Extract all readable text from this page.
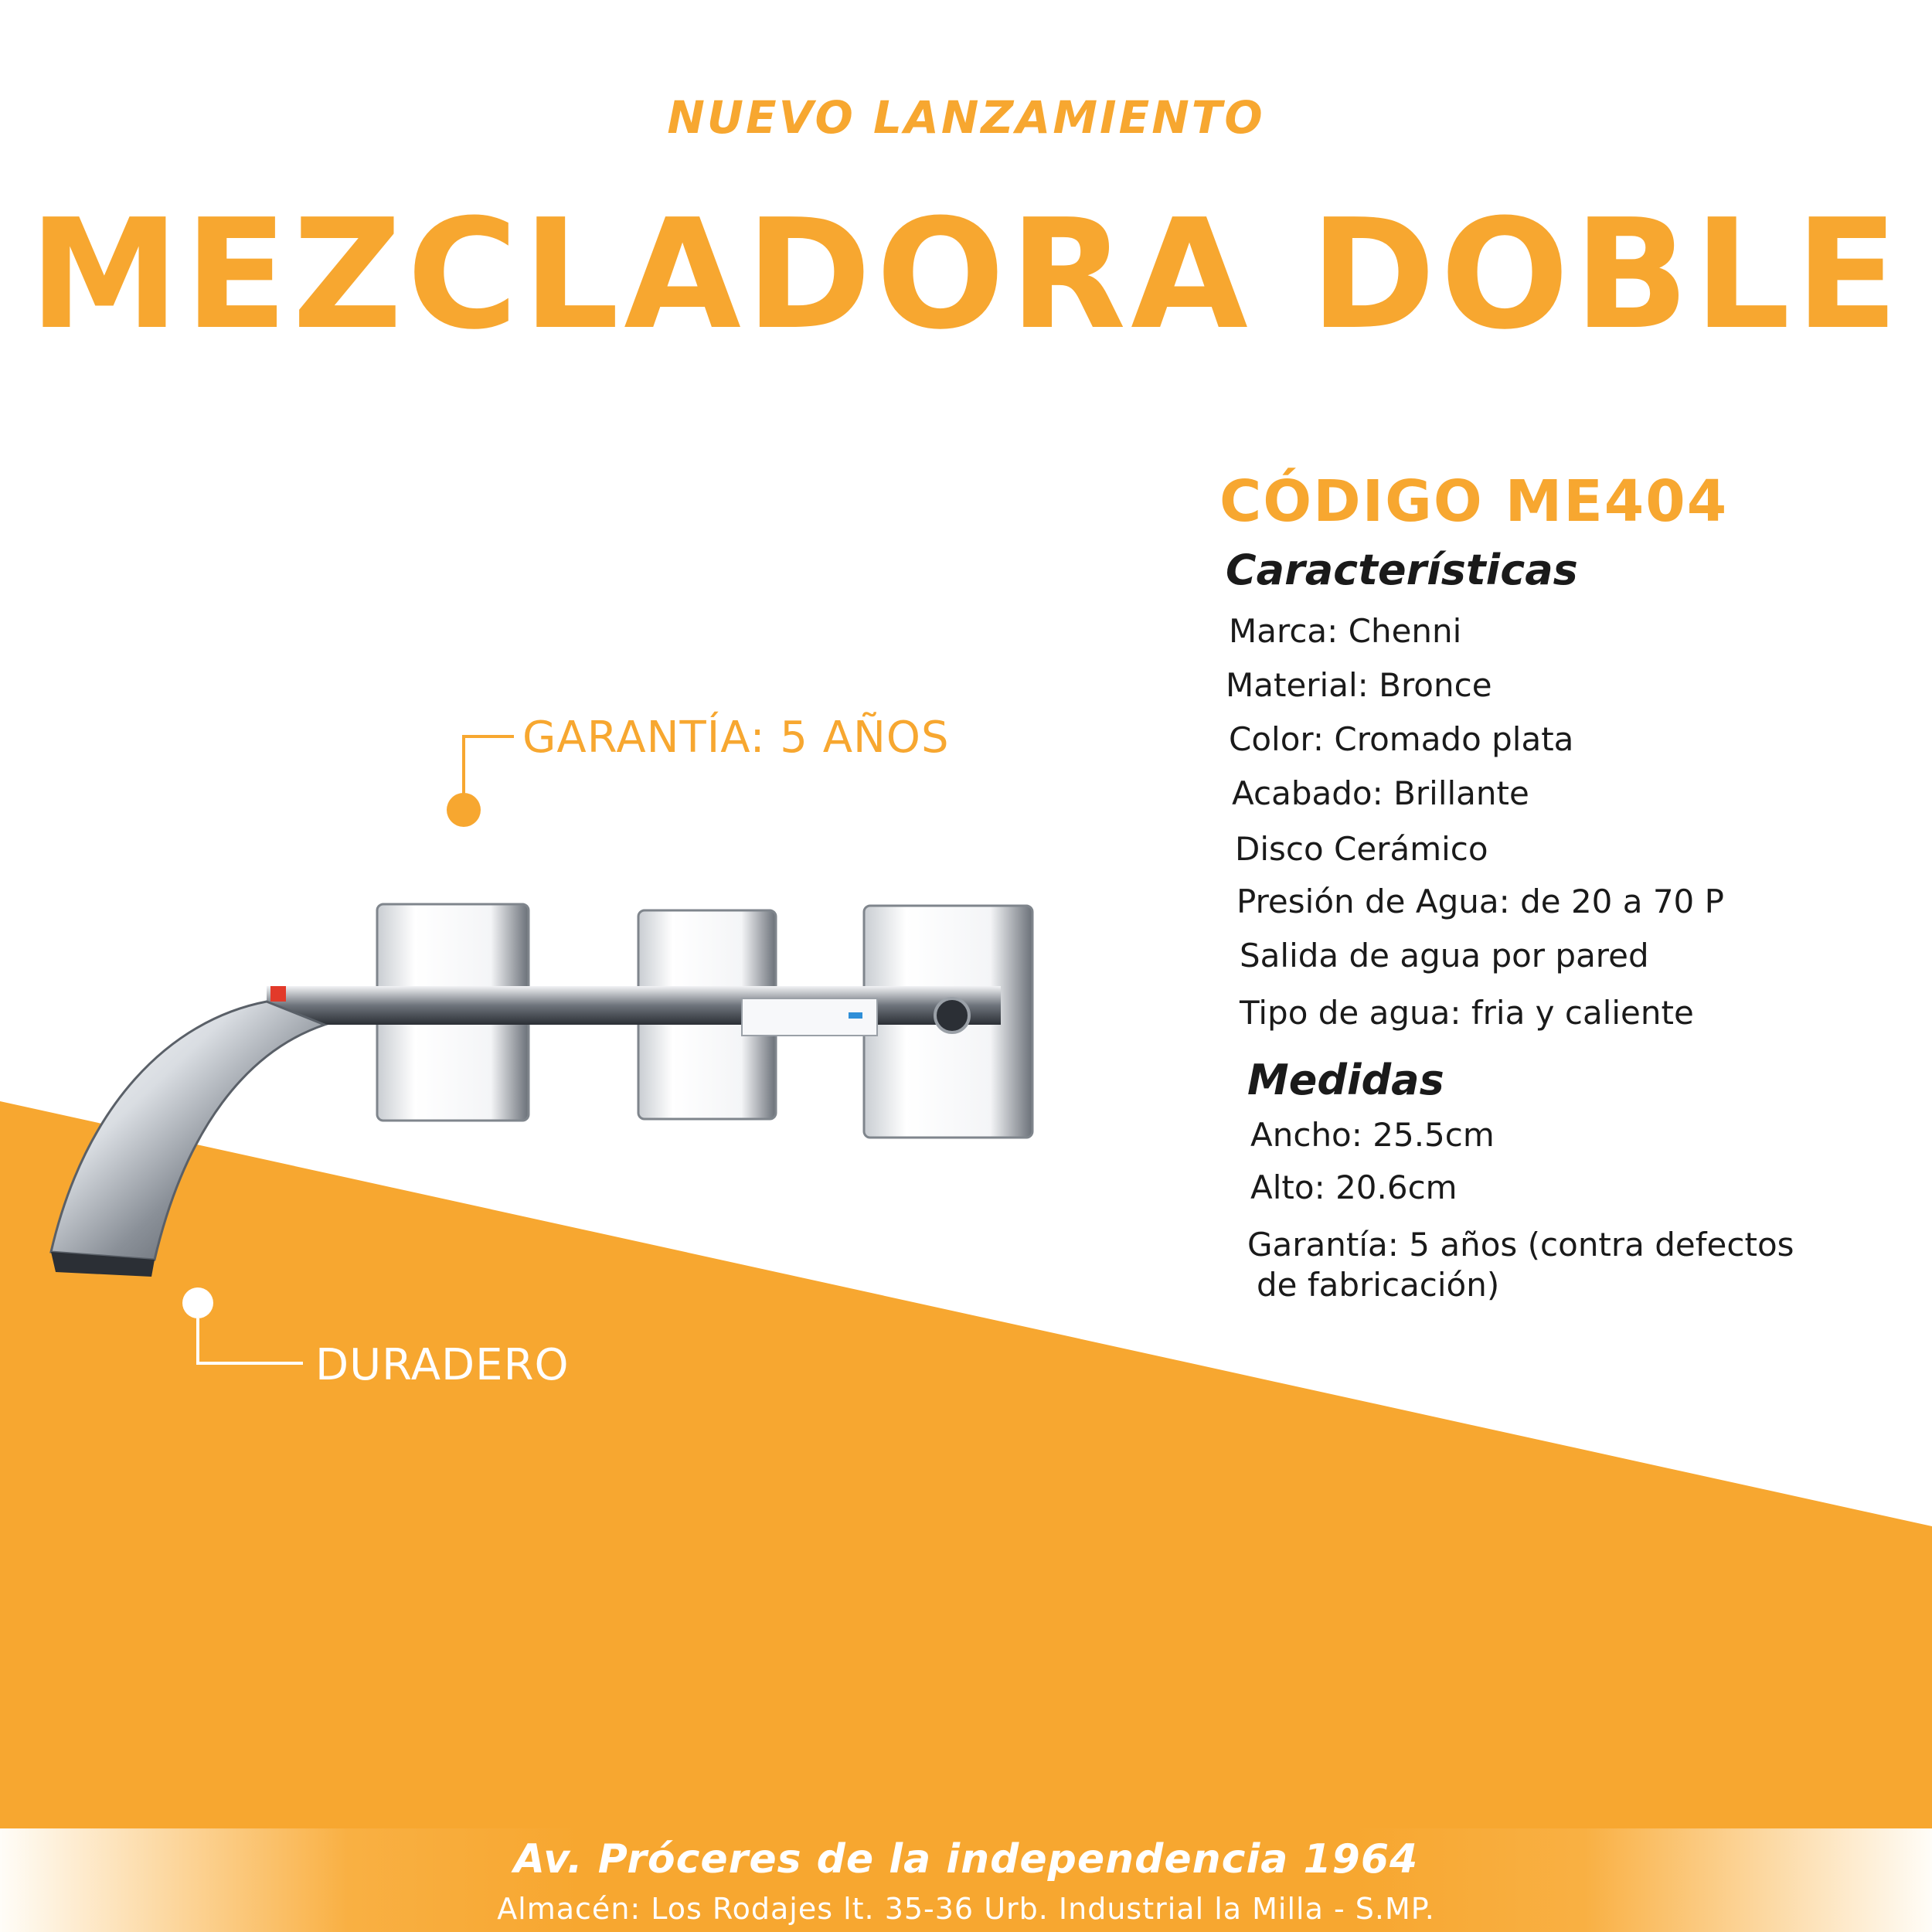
NUEVO LANZAMIENTO
MEZCLADORA DOBLE
GARANTÍA: 5 AÑOS
DURADERO
CÓDIGO ME404
Características
Marca: Chenni
Material: Bronce
Color: Cromado plata
Acabado: Brillante
Disco Cerámico
Presión de Agua: de 20 a 70 P
Salida de agua por pared
Tipo de agua: fria y caliente
Medidas
Ancho: 25.5cm
Alto: 20.6cm
Garantía: 5 años (contra defectos
de fabricación)
Av. Próceres de la independencia 1964
Almacén: Los Rodajes lt. 35-36 Urb. Industrial la Milla - S.MP.
